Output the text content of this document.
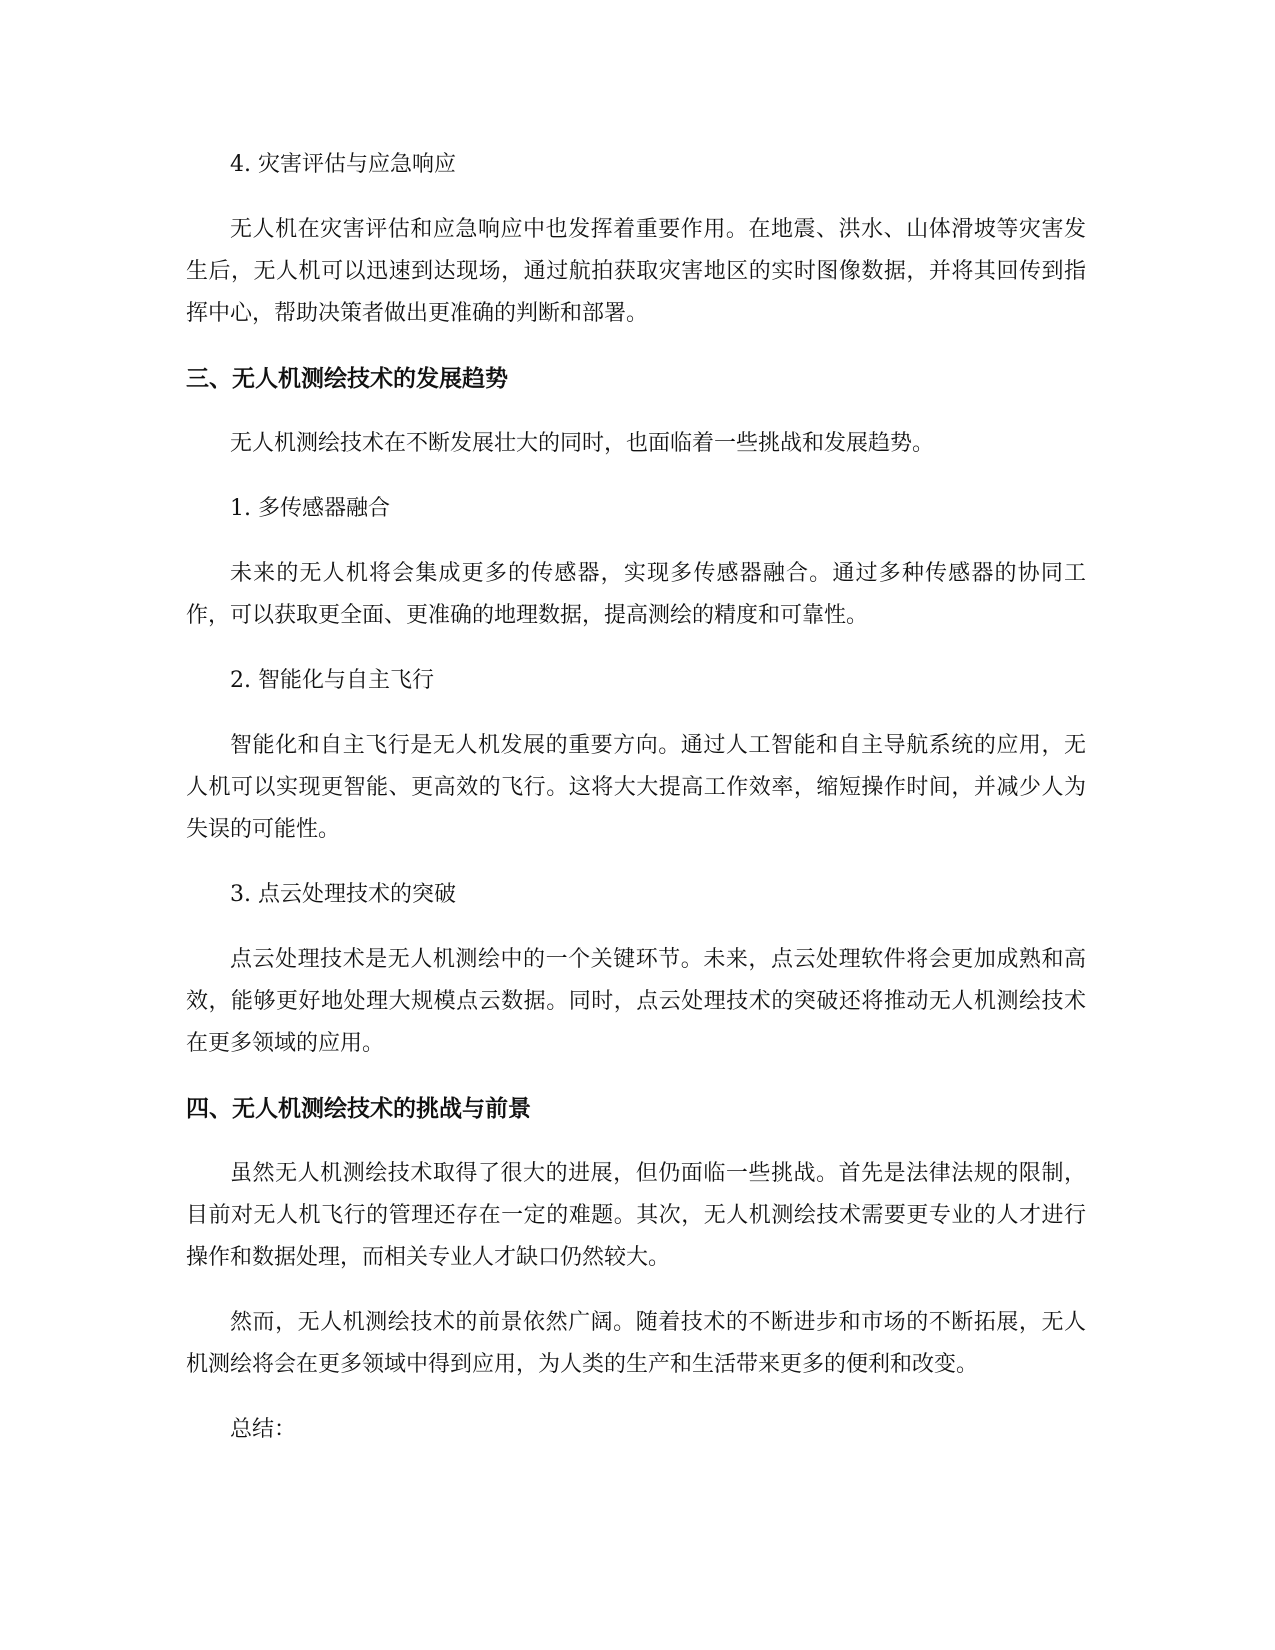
4. 灾害评估与应急响应

无人机在灾害评估和应急响应中也发挥着重要作用。在地震、洪水、山体滑坡等灾害发生后，无人机可以迅速到达现场，通过航拍获取灾害地区的实时图像数据，并将其回传到指挥中心，帮助决策者做出更准确的判断和部署。

三、无人机测绘技术的发展趋势

无人机测绘技术在不断发展壮大的同时，也面临着一些挑战和发展趋势。

1. 多传感器融合

未来的无人机将会集成更多的传感器，实现多传感器融合。通过多种传感器的协同工作，可以获取更全面、更准确的地理数据，提高测绘的精度和可靠性。

2. 智能化与自主飞行

智能化和自主飞行是无人机发展的重要方向。通过人工智能和自主导航系统的应用，无人机可以实现更智能、更高效的飞行。这将大大提高工作效率，缩短操作时间，并减少人为失误的可能性。

3. 点云处理技术的突破

点云处理技术是无人机测绘中的一个关键环节。未来，点云处理软件将会更加成熟和高效，能够更好地处理大规模点云数据。同时，点云处理技术的突破还将推动无人机测绘技术在更多领域的应用。

四、无人机测绘技术的挑战与前景

虽然无人机测绘技术取得了很大的进展，但仍面临一些挑战。首先是法律法规的限制，目前对无人机飞行的管理还存在一定的难题。其次，无人机测绘技术需要更专业的人才进行操作和数据处理，而相关专业人才缺口仍然较大。

然而，无人机测绘技术的前景依然广阔。随着技术的不断进步和市场的不断拓展，无人机测绘将会在更多领域中得到应用，为人类的生产和生活带来更多的便利和改变。

总结：
